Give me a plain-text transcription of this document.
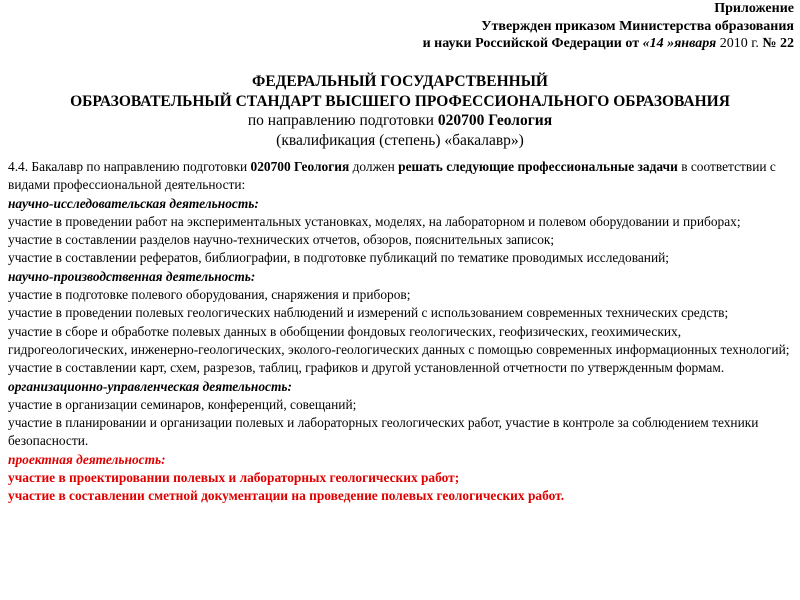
Приложение
Утвержден приказом Министерства образования
и науки Российской Федерации от «14 »января 2010 г. № 22
ФЕДЕРАЛЬНЫЙ ГОСУДАРСТВЕННЫЙ
ОБРАЗОВАТЕЛЬНЫЙ СТАНДАРТ ВЫСШЕГО ПРОФЕССИОНАЛЬНОГО ОБРАЗОВАНИЯ
по направлению подготовки 020700 Геология
(квалификация (степень) «бакалавр»)

4.4. Бакалавр по направлению подготовки 020700 Геология должен решать следующие профессиональные задачи в соответствии с видами профессиональной деятельности:

научно-исследовательская деятельность:

участие в проведении работ на экспериментальных установках, моделях, на лабораторном и полевом оборудовании и приборах;

участие в составлении разделов научно-технических отчетов, обзоров, пояснительных записок;

участие в составлении рефератов, библиографии, в подготовке публикаций по тематике проводимых исследований;

научно-производственная деятельность:

участие в подготовке полевого оборудования, снаряжения и приборов;

участие в проведении полевых геологических наблюдений и измерений с использованием современных технических средств;

участие в сборе и обработке полевых данных в обобщении фондовых геологических, геофизических, геохимических, гидрогеологических, инженерно-геологических, эколого-геологических данных с помощью современных информационных технологий;

участие в составлении карт, схем, разрезов, таблиц, графиков и другой установленной отчетности по утвержденным формам.

организационно-управленческая деятельность:

участие в организации семинаров, конференций, совещаний;

участие в планировании и организации полевых и лабораторных геологических работ, участие в контроле за соблюдением техники безопасности.

проектная деятельность:

участие в проектировании полевых и лабораторных геологических работ;

участие в составлении сметной документации на проведение полевых геологических работ.
